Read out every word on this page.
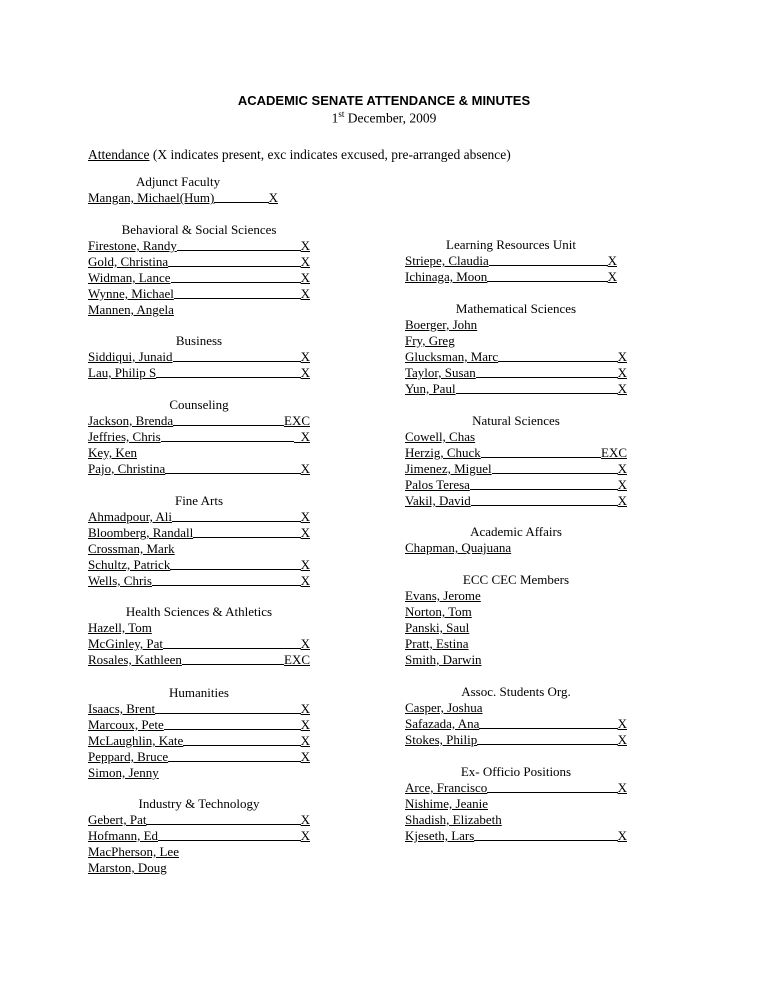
ACADEMIC SENATE ATTENDANCE & MINUTES
1st December, 2009
Attendance (X indicates present, exc indicates excused, pre-arranged absence)
Adjunct Faculty
Mangan, Michael(Hum)	X
Behavioral & Social Sciences
Firestone, Randy	X
Gold, Christina	X
Widman, Lance	X
Wynne, Michael	X
Mannen, Angela
Business
Siddiqui, Junaid	X
Lau, Philip S	X
Counseling
Jackson, Brenda	EXC
Jeffries, Chris	_X
Key, Ken
Pajo, Christina	X
Fine Arts
Ahmadpour, Ali	X
Bloomberg, Randall	X
Crossman, Mark
Schultz, Patrick	X
Wells, Chris	X
Health Sciences & Athletics
Hazell, Tom
McGinley, Pat	X
Rosales, Kathleen	EXC
Humanities
Isaacs, Brent	X
Marcoux, Pete	X
McLaughlin, Kate	X
Peppard, Bruce	X
Simon, Jenny
Industry & Technology
Gebert, Pat	X
Hofmann, Ed	X
MacPherson, Lee
Marston, Doug
Learning Resources Unit
Striepe, Claudia	X
Ichinaga, Moon	X
Mathematical Sciences
Boerger, John
Fry, Greg
Glucksman, Marc	X
Taylor, Susan	X
Yun, Paul	X
Natural Sciences
Cowell, Chas
Herzig, Chuck	EXC
Jimenez, Miguel	X
Palos Teresa	X
Vakil, David	X
Academic Affairs
Chapman, Quajuana
ECC CEC Members
Evans, Jerome
Norton, Tom
Panski, Saul
Pratt, Estina
Smith, Darwin
Assoc. Students Org.
Casper, Joshua
Safazada, Ana	X
Stokes, Philip	X
Ex- Officio Positions
Arce, Francisco	X
Nishime, Jeanie
Shadish, Elizabeth
Kjeseth, Lars	X
